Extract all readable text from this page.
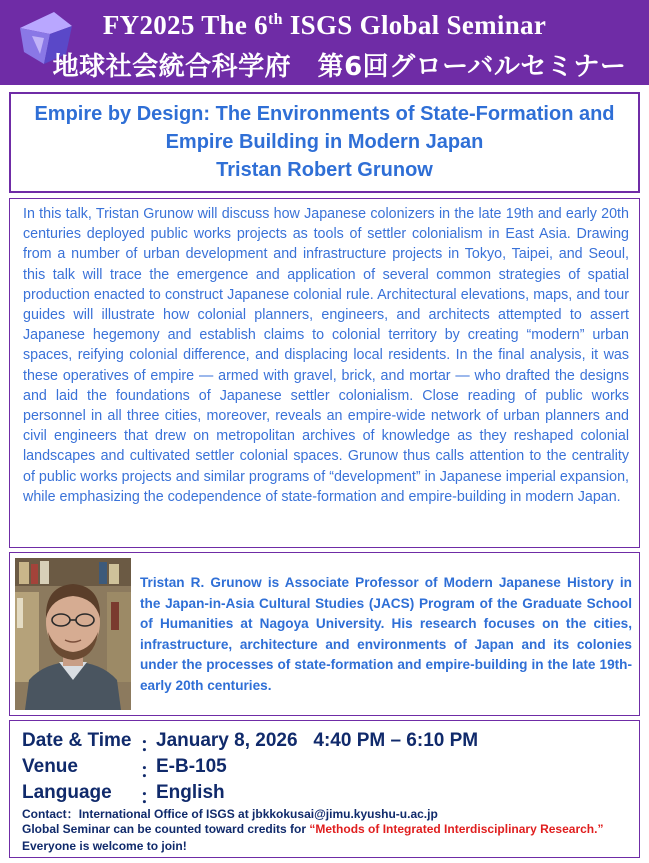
FY2025 The 6th ISGS Global Seminar
地球社会統合科学府　第6回グローバルセミナー
Empire by Design: The Environments of State-Formation and
Empire Building in Modern Japan
Tristan Robert Grunow
In this talk, Tristan Grunow will discuss how Japanese colonizers in the late 19th and early 20th centuries deployed public works projects as tools of settler colonialism in East Asia. Drawing from a number of urban development and infrastructure projects in Tokyo, Taipei, and Seoul, this talk will trace the emergence and application of several common strategies of spatial production enacted to construct Japanese colonial rule. Architectural elevations, maps, and tour guides will illustrate how colonial planners, engineers, and architects attempted to assert Japanese hegemony and establish claims to colonial territory by creating “modern” urban spaces, reifying colonial difference, and displacing local residents. In the final analysis, it was these operatives of empire — armed with gravel, brick, and mortar — who drafted the designs and laid the foundations of Japanese settler colonialism. Close reading of public works personnel in all three cities, moreover, reveals an empire-wide network of urban planners and civil engineers that drew on metropolitan archives of knowledge as they reshaped colonial landscapes and cultivated settler colonial spaces. Grunow thus calls attention to the centrality of public works projects and similar programs of “development” in Japanese imperial expansion, while emphasizing the codependence of state-formation and empire-building in modern Japan.
Tristan R. Grunow is Associate Professor of Modern Japanese History in the Japan-in-Asia Cultural Studies (JACS) Program of the Graduate School of Humanities at Nagoya University. His research focuses on the cities, infrastructure, architecture and environments of Japan and its colonies under the processes of state-formation and empire-building in the late 19th-early 20th centuries.
Date & Time ：
January 8, 2026   4:40 PM – 6:10 PM
Venue	：
E-B-105
Language ：
English
Contact：International Office of ISGS at jbkkokusai@jimu.kyushu-u.ac.jp
Global Seminar can be counted toward credits for “Methods of Integrated Interdisciplinary Research.”
Everyone is welcome to join!
